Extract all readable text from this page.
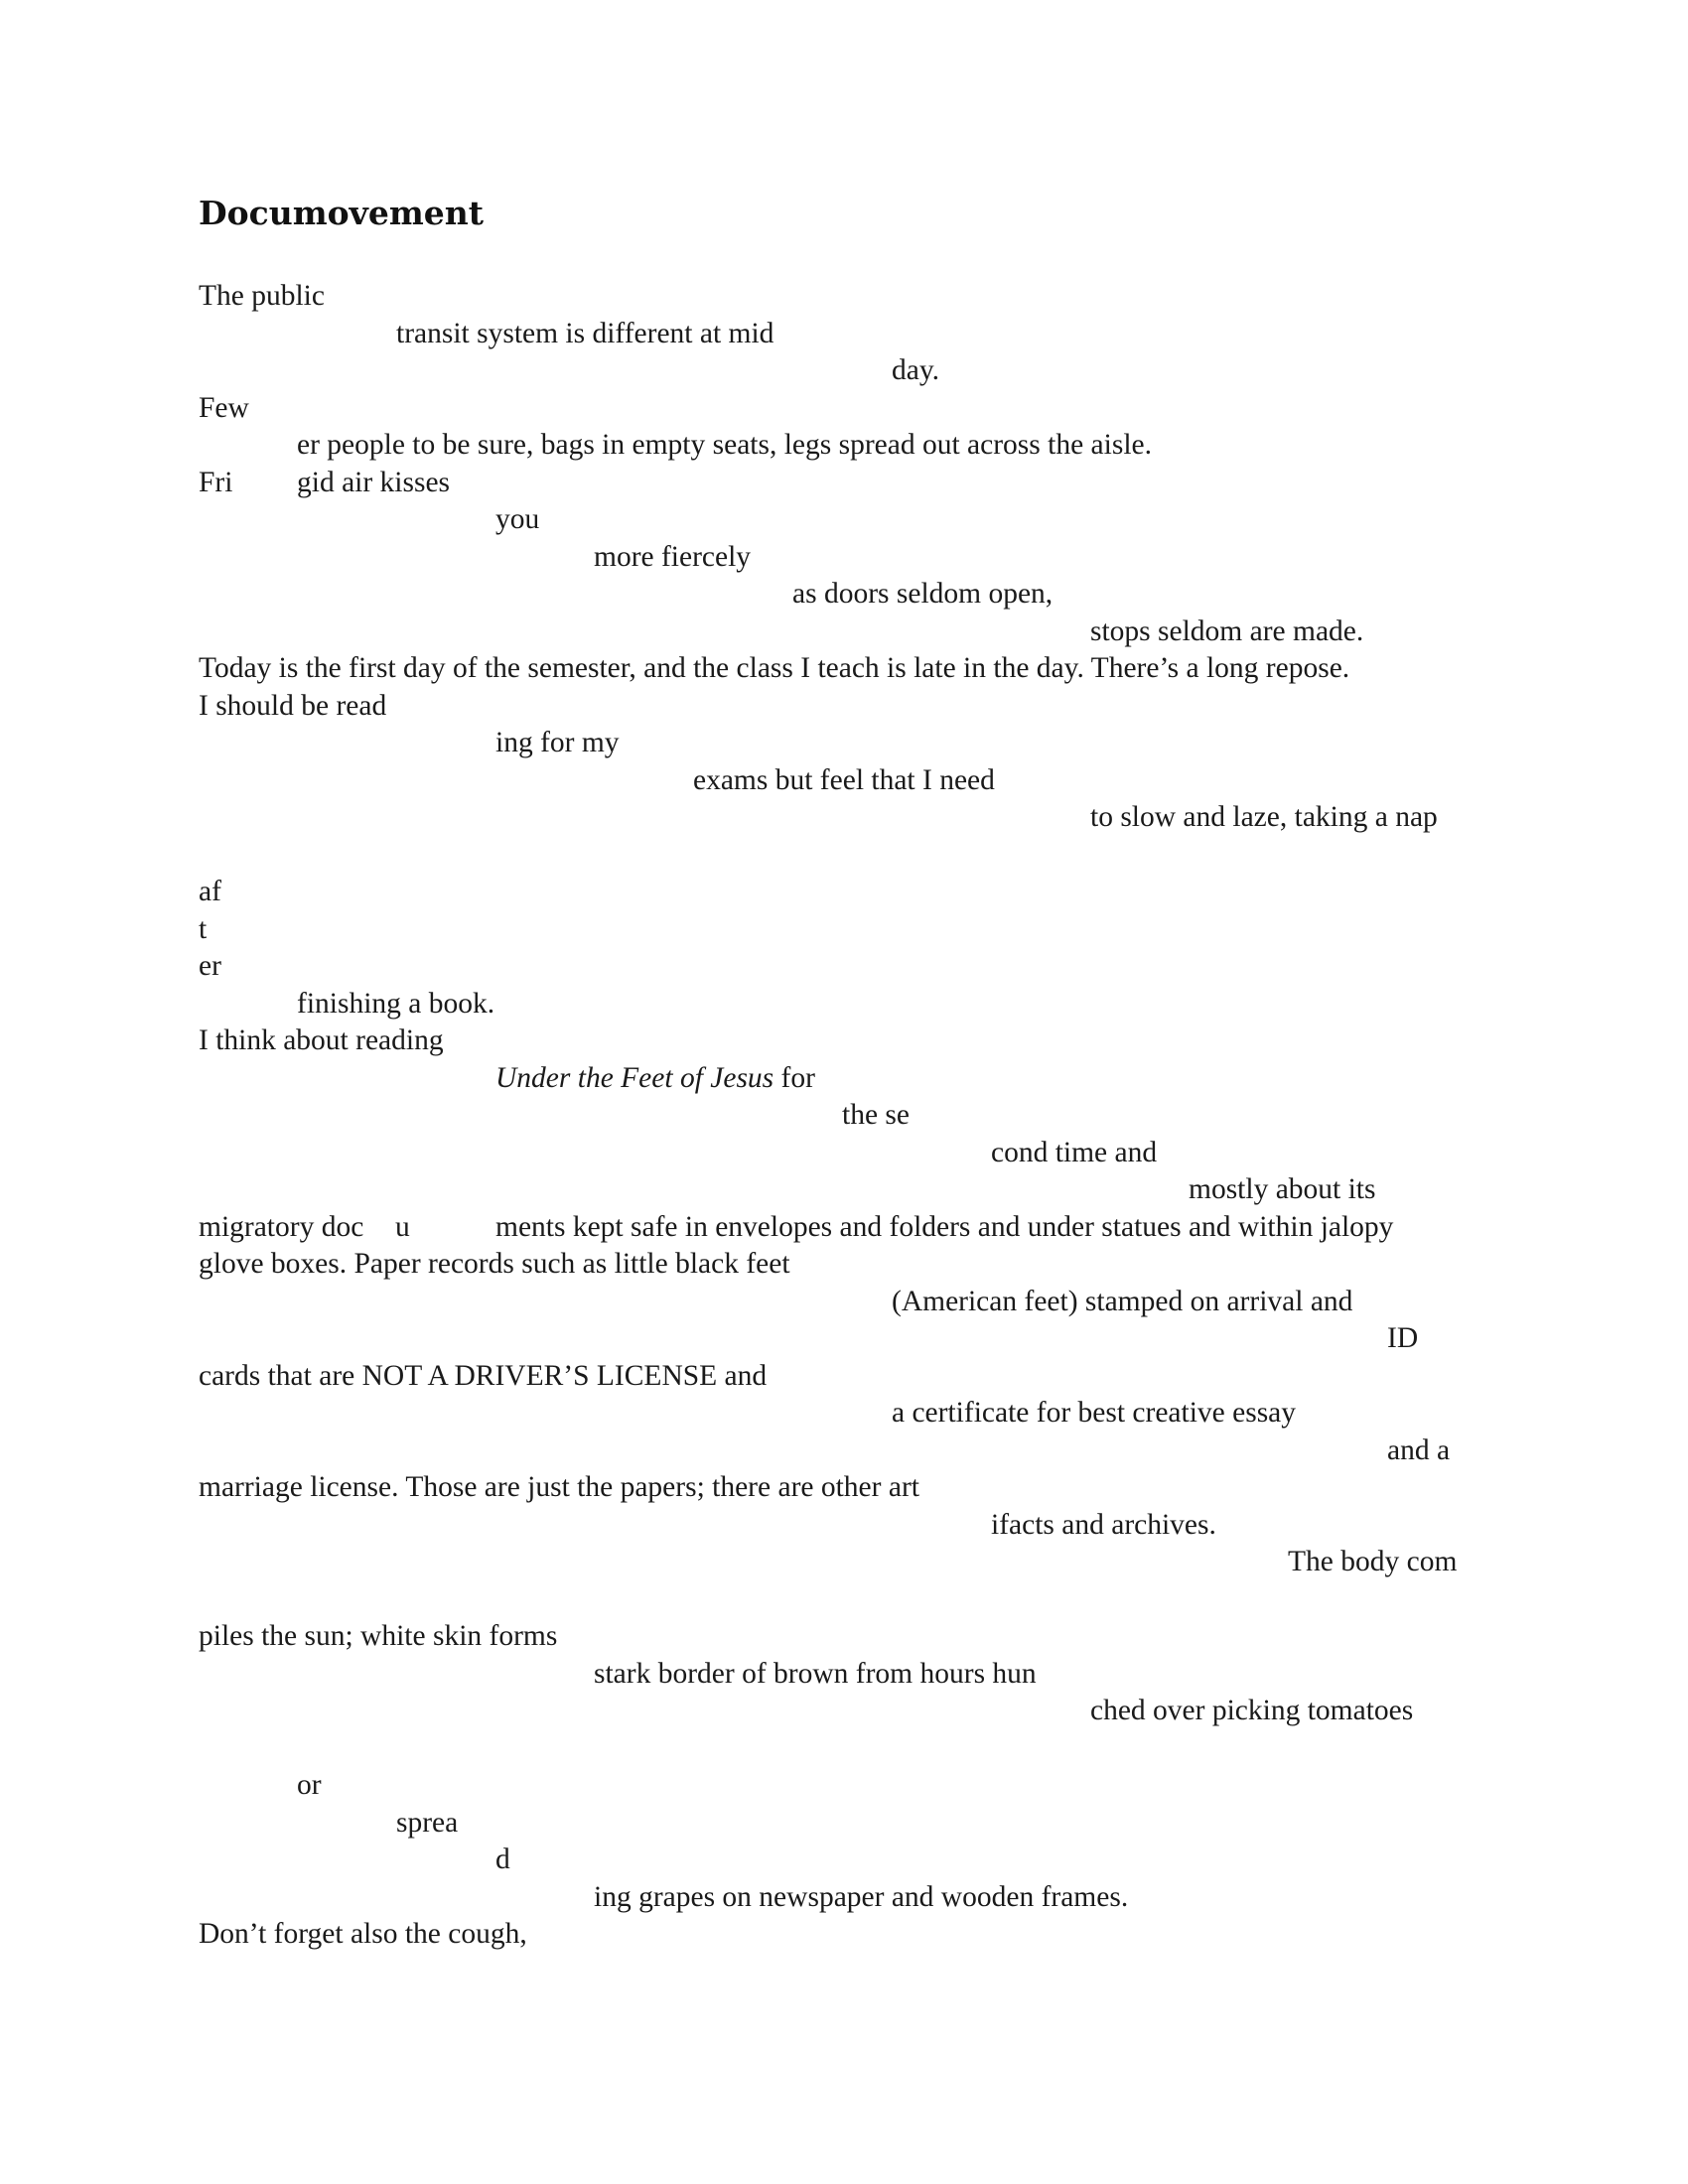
Documovement
The public
transit system is different at mid
day.
Few
er people to be sure, bags in empty seats, legs spread out across the aisle.
Fri gid air kisses
you
more fiercely
as doors seldom open,
stops seldom are made.
Today is the first day of the semester, and the class I teach is late in the day. There’s a long repose.
I should be read
ing for my
exams but feel that I need
to slow and laze, taking a nap
af
t
er
finishing a book.
I think about reading
Under the Feet of Jesus for
the se
cond time and
mostly about its
migratory doc u	ments kept safe in envelopes and folders and under statues and within jalopy
glove boxes. Paper records such as little black feet
(American feet) stamped on arrival and
ID
cards that are NOT A DRIVER’S LICENSE and
a certificate for best creative essay
and a
marriage license. Those are just the papers; there are other art
ifacts and archives.
The body com
piles the sun; white skin forms
stark border of brown from hours hun
ched over picking tomatoes
or
sprea
d
ing grapes on newspaper and wooden frames.
Don’t forget also the cough,
